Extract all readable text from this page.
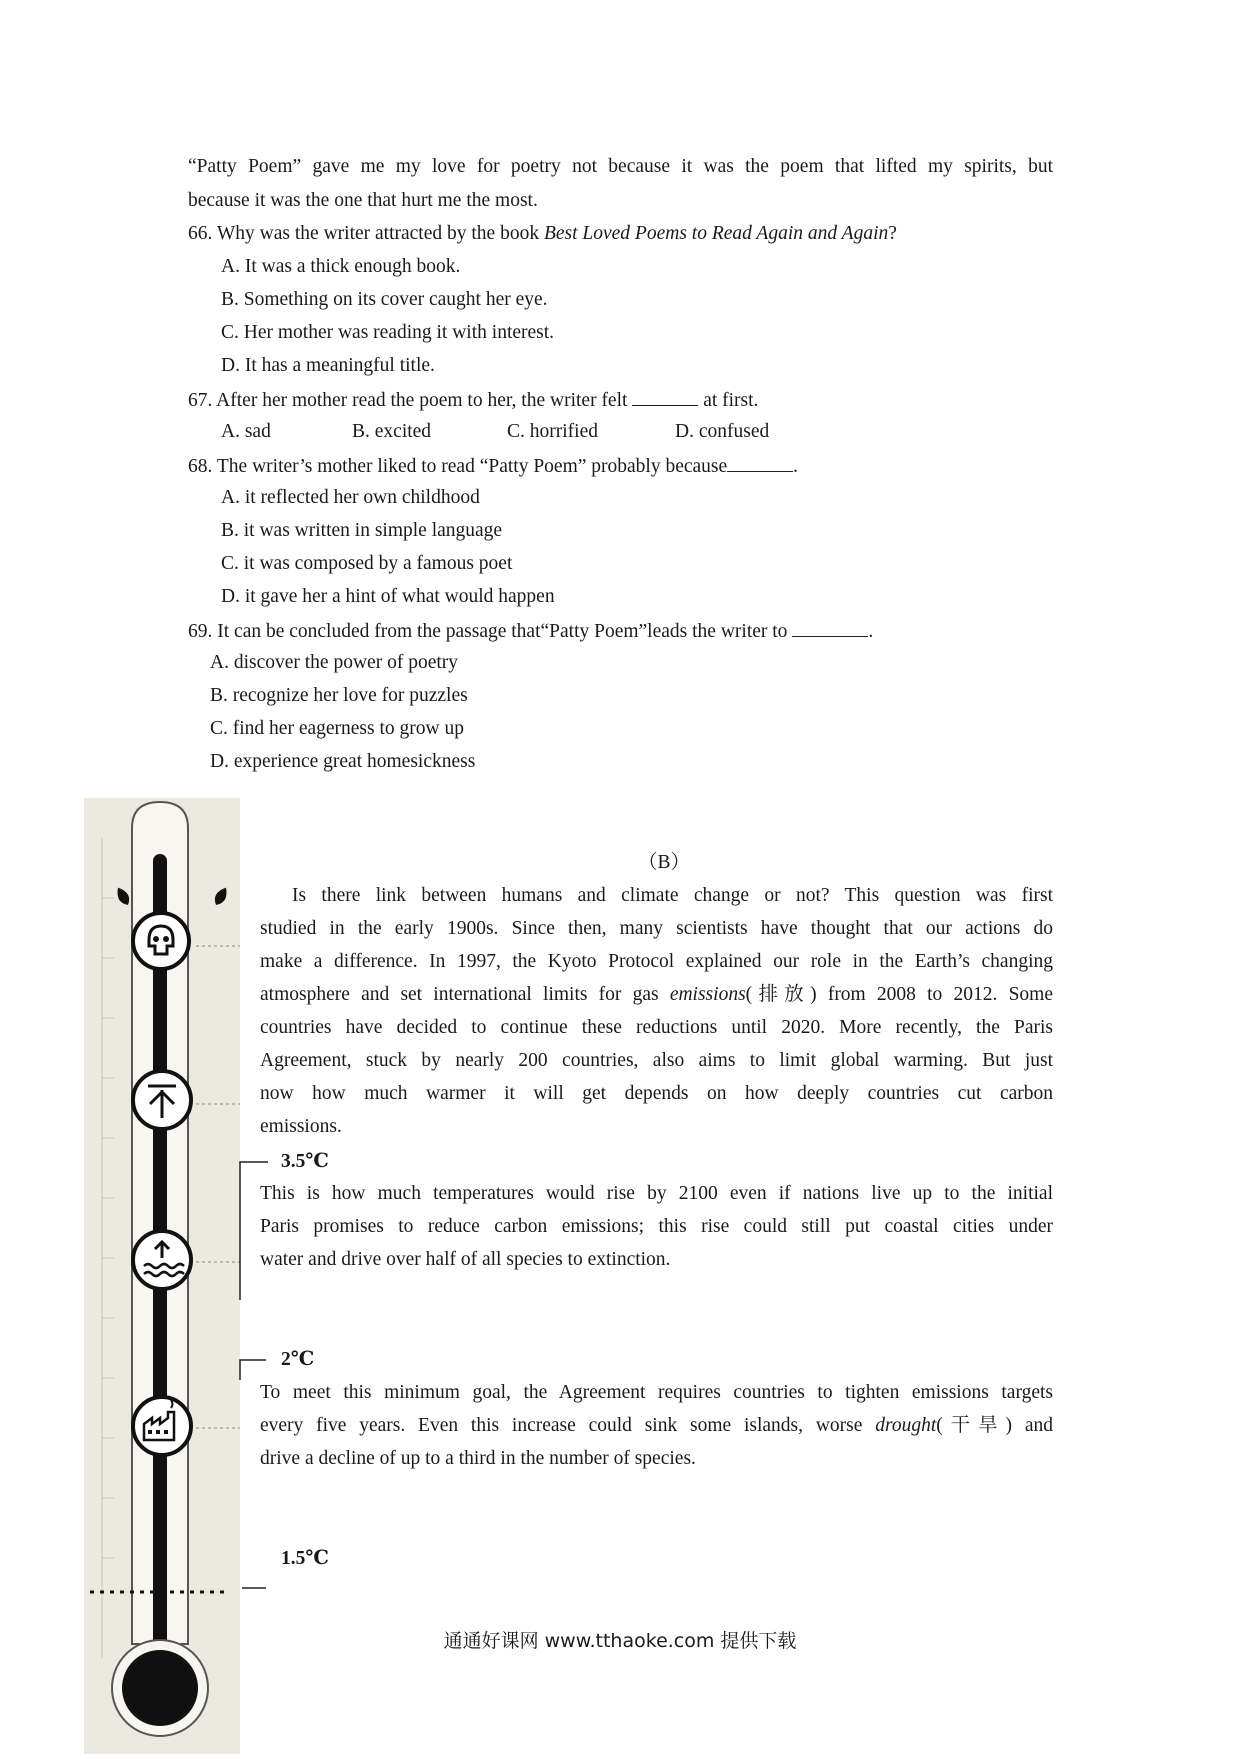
“Patty Poem” gave me my love for poetry not because it was the poem that lifted my spirits, but
because it was the one that hurt me the most.
66. Why was the writer attracted by the book Best Loved Poems to Read Again and Again?
A. It was a thick enough book.
B. Something on its cover caught her eye.
C. Her mother was reading it with interest.
D. It has a meaningful title.
67. After her mother read the poem to her, the writer felt	at first.
A. sad	B. excited	C. horrified	D. confused
68. The writer’s mother liked to read “Patty Poem” probably because	.
A. it reflected her own childhood
B. it was written in simple language
C. it was composed by a famous poet
D. it gave her a hint of what would happen
69. It can be concluded from the passage that“Patty Poem”leads the writer to	.
A. discover the power of poetry
B. recognize her love for puzzles
C. find her eagerness to grow up
D. experience great homesickness
（B）
Is there link between humans and climate change or not? This question was first
studied in the early 1900s. Since then, many scientists have thought that our actions do
make a difference. In 1997, the Kyoto Protocol explained our role in the Earth’s changing
atmosphere and set international limits for gas emissions(排放) from 2008 to 2012. Some
countries have decided to continue these reductions until 2020. More recently, the Paris
Agreement, stuck by nearly 200 countries, also aims to limit global warming. But just
now how much warmer it will get depends on how deeply countries cut carbon
emissions.
3.5℃
This is how much temperatures would rise by 2100 even if nations live up to the initial
Paris promises to reduce carbon emissions; this rise could still put coastal cities under
water and drive over half of all species to extinction.
2℃
To meet this minimum goal, the Agreement requires countries to tighten emissions targets
every five years. Even this increase could sink some islands, worse drought(干旱) and
drive a decline of up to a third in the number of species.
1.5℃
通通好课网 www.tthaoke.com 提供下载
